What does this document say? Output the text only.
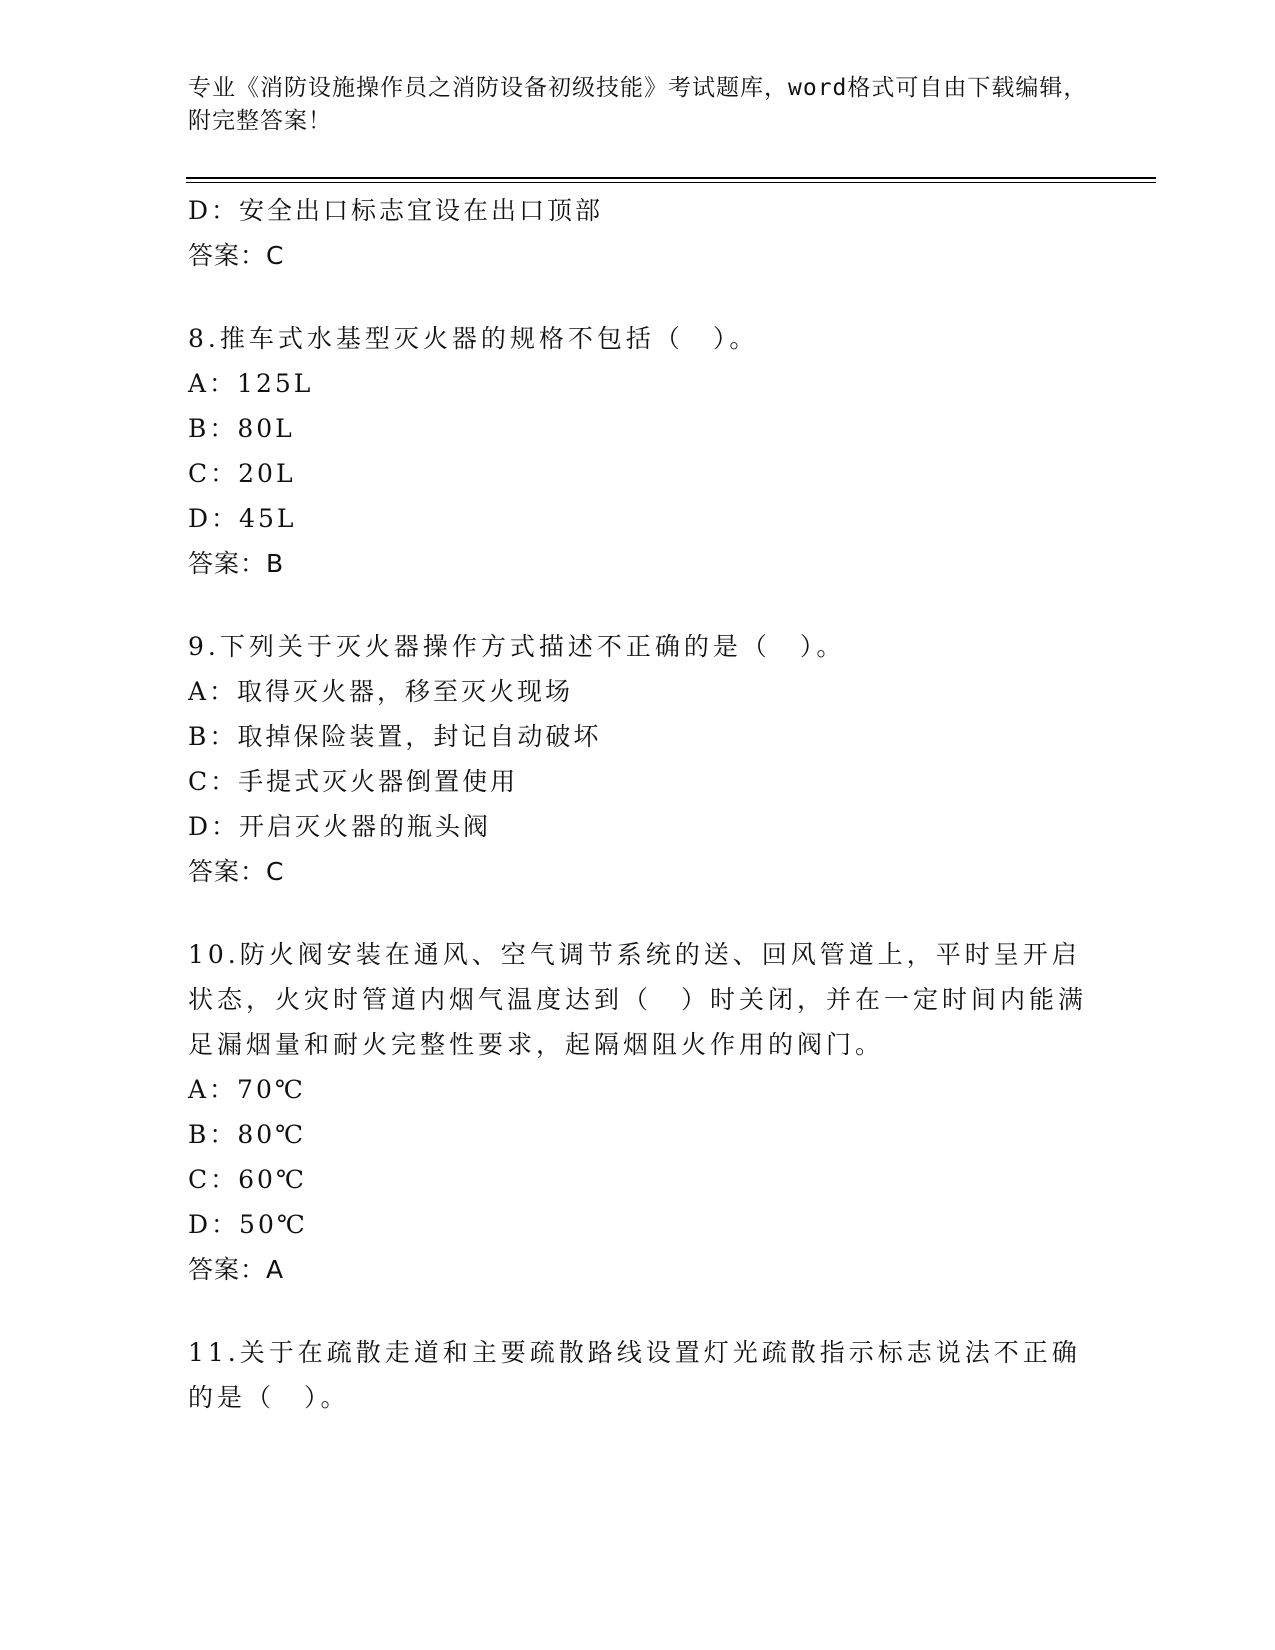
专业《消防设施操作员之消防设备初级技能》考试题库，word格式可自由下载编辑，附完整答案！
D：安全出口标志宜设在出口顶部
答案：C
8.推车式水基型灭火器的规格不包括（　）。
A：125L
B：80L
C：20L
D：45L
答案：B
9.下列关于灭火器操作方式描述不正确的是（　）。
A：取得灭火器，移至灭火现场
B：取掉保险装置，封记自动破坏
C：手提式灭火器倒置使用
D：开启灭火器的瓶头阀
答案：C
10.防火阀安装在通风、空气调节系统的送、回风管道上，平时呈开启状态，火灾时管道内烟气温度达到（　）时关闭，并在一定时间内能满足漏烟量和耐火完整性要求，起隔烟阻火作用的阀门。
A：70℃
B：80℃
C：60℃
D：50℃
答案：A
11.关于在疏散走道和主要疏散路线设置灯光疏散指示标志说法不正确的是（　）。
